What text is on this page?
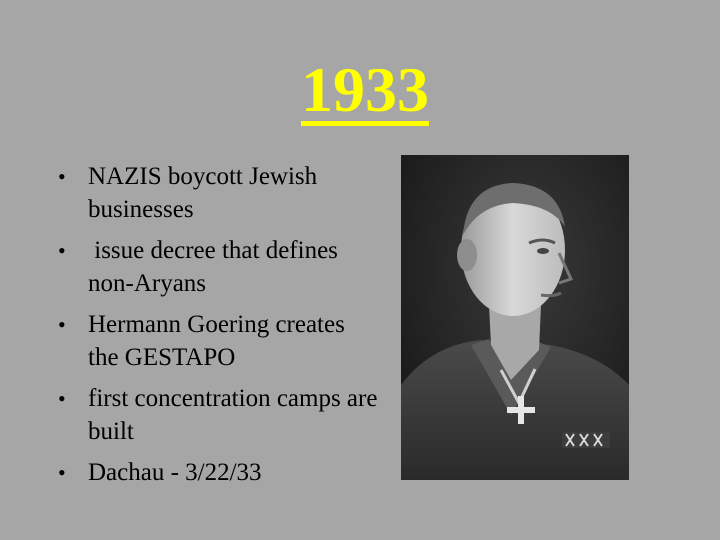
1933
• NAZIS boycott Jewish businesses
• issue decree that defines non-Aryans
• Hermann Goering creates the GESTAPO
• first concentration camps are built
• Dachau - 3/22/33
